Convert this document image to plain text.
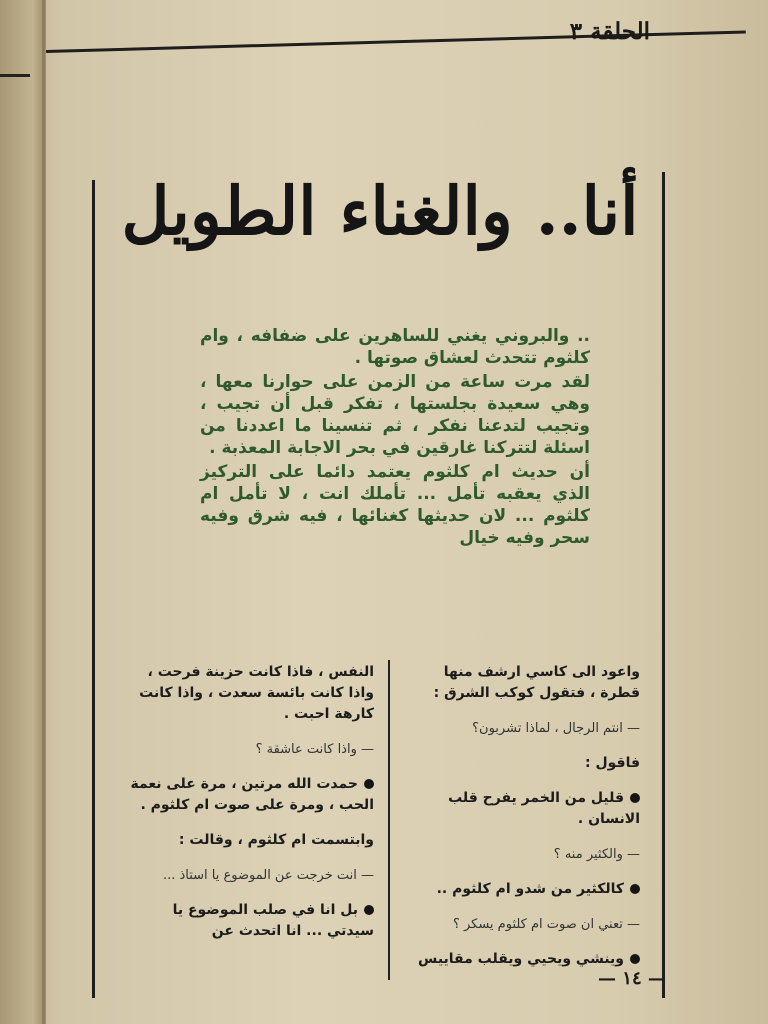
الحلقة ٣
أنا.. والغناء الطويل

.. والبروني يغني للساهرين على ضفافه ، وام كلثوم تتحدث لعشاق صوتها .

لقد مرت ساعة من الزمن على حوارنا معها ، وهي سعيدة بجلستها ، تفكر قبل أن تجيب ، وتجيب لتدعنا نفكر ، ثم تنسينا ما اعددنا من اسئلة لتتركنا غارقين في بحر الاجابة المعذبة .

أن حديث ام كلثوم يعتمد دائما على التركيز الذي يعقبه تأمل ... تأملك انت ، لا تأمل ام كلثوم ... لان حديثها كغنائها ، فيه شرق وفيه سحر وفيه خيال

واعود الى كاسي ارشف منها قطرة ، فتقول كوكب الشرق :

— انتم الرجال ، لماذا تشربون؟

فاقول :

قليل من الخمر يفرح قلب الانسان .

— والكثير منه ؟

كالكثير من شدو ام كلثوم ..

— تعني ان صوت ام كلثوم يسكر ؟

وينشي ويحيي ويقلب مقاييس

النفس ، فاذا كانت حزينة فرحت ، واذا كانت بائسة سعدت ، واذا كانت كارهة احبت .

— واذا كانت عاشقة ؟

حمدت الله مرتين ، مرة على نعمة الحب ، ومرة على صوت ام كلثوم .

وابتسمت ام كلثوم ، وقالت :

— انت خرجت عن الموضوع يا استاذ ...

بل انا في صلب الموضوع يا سيدتي ... انا اتحدث عن

— ١٤ —
